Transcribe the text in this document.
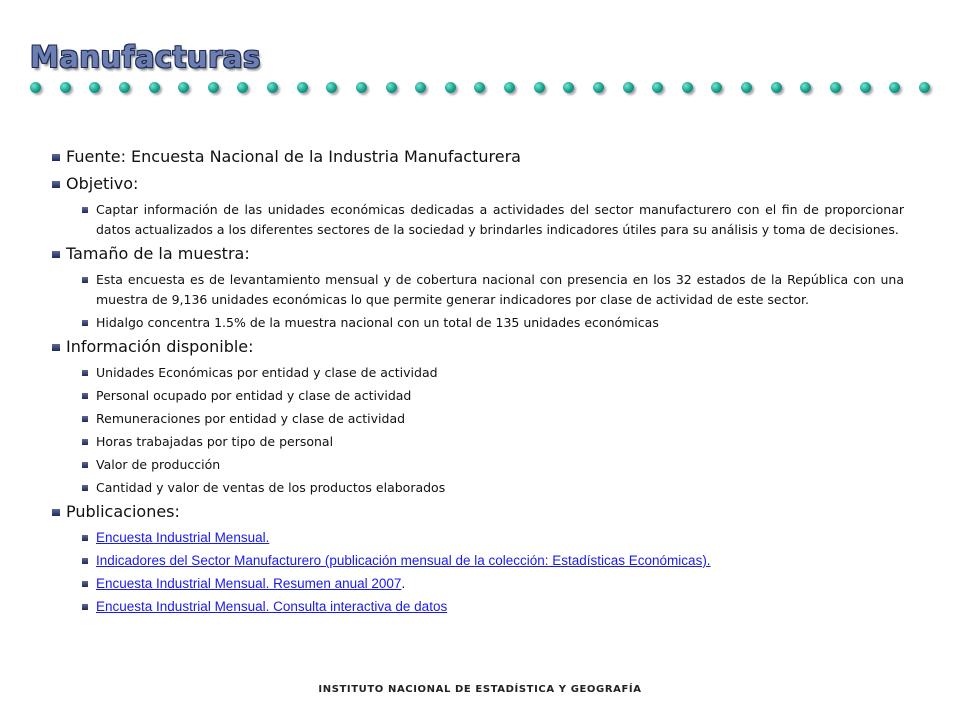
Manufacturas
Fuente: Encuesta Nacional de la Industria Manufacturera
Objetivo:
Captar información de las unidades económicas dedicadas a actividades del sector manufacturero con el fin de proporcionar datos actualizados a los diferentes sectores de la sociedad y brindarles indicadores útiles para su análisis y toma de decisiones.
Tamaño de la muestra:
Esta encuesta es de levantamiento mensual y de cobertura nacional con presencia en los 32 estados de la República con una muestra de 9,136 unidades económicas lo que permite generar indicadores por clase de actividad de este sector.
Hidalgo concentra 1.5% de la muestra nacional con un total de 135 unidades económicas
Información disponible:
Unidades Económicas por entidad y clase de actividad
Personal ocupado por entidad y clase de actividad
Remuneraciones por entidad y clase de actividad
Horas trabajadas por tipo de personal
Valor de producción
Cantidad y valor de ventas de los productos elaborados
Publicaciones:
Encuesta Industrial Mensual.
Indicadores del Sector Manufacturero (publicación mensual de la colección: Estadísticas Económicas).
Encuesta Industrial Mensual. Resumen anual 2007.
Encuesta Industrial Mensual. Consulta interactiva de datos
INSTITUTO NACIONAL DE ESTADÍSTICA Y GEOGRAFÍA
